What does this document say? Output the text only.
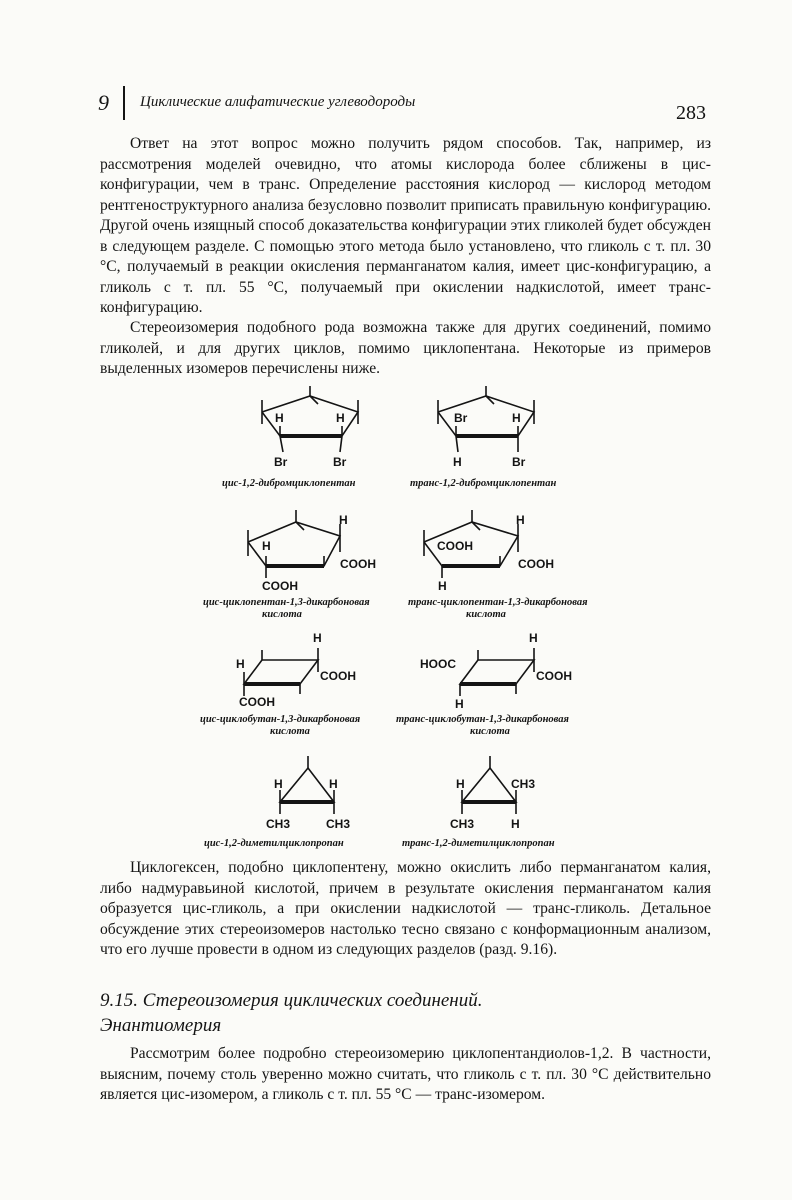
9 Циклические алифатические углеводороды	283

Ответ на этот вопрос можно получить рядом способов. Так, например, из рассмотрения моделей очевидно, что атомы кислорода более сближены в цис-конфигурации, чем в транс. Определение расстояния кислород — кислород методом рентгеноструктурного анализа безусловно позволит приписать правильную конфигурацию. Другой очень изящный способ доказательства конфигурации этих гликолей будет обсужден в следующем разделе. С помощью этого метода было установлено, что гликоль с т. пл. 30 °С, получаемый в реакции окисления перманганатом калия, имеет цис-конфигурацию, а гликоль с т. пл. 55 °С, получаемый при окислении надкислотой, имеет транс-конфигурацию.

Стереоизомерия подобного рода возможна также для других соединений, помимо гликолей, и для других циклов, помимо циклопентана. Некоторые из примеров выделенных изомеров перечислены ниже.

H	H
Br	Br
Br	H
H	Br
H
H
COOH
COOH
COOH
H
COOH
H
H
H
COOH
COOH
HOOC
H
COOH
H
H	H
CH3	CH3
H	CH3
CH3	H
цис-1,2-дибромциклопентан	транс-1,2-дибромциклопентан
цис-циклопентан-1,3-дикарбоновая
кислота
транс-циклопентан-1,3-дикарбоновая
кислота
цис-циклобутан-1,3-дикарбоновая
кислота
транс-циклобутан-1,3-дикарбоновая
кислота
цис-1,2-диметилциклопропан	транс-1,2-диметилциклопропан

Циклогексен, подобно циклопентену, можно окислить либо перманганатом калия, либо надмуравьиной кислотой, причем в результате окисления перманганатом калия образуется цис-гликоль, а при окислении надкислотой — транс-гликоль. Детальное обсуждение этих стереоизомеров настолько тесно связано с конформационным анализом, что его лучше провести в одном из следующих разделов (разд. 9.16).

9.15. Стереоизомерия циклических соединений.
Энантиомерия

Рассмотрим более подробно стереоизомерию циклопентандиолов-1,2. В частности, выясним, почему столь уверенно можно считать, что гликоль с т. пл. 30 °С действительно является цис-изомером, а гликоль с т. пл. 55 °С — транс-изомером.
